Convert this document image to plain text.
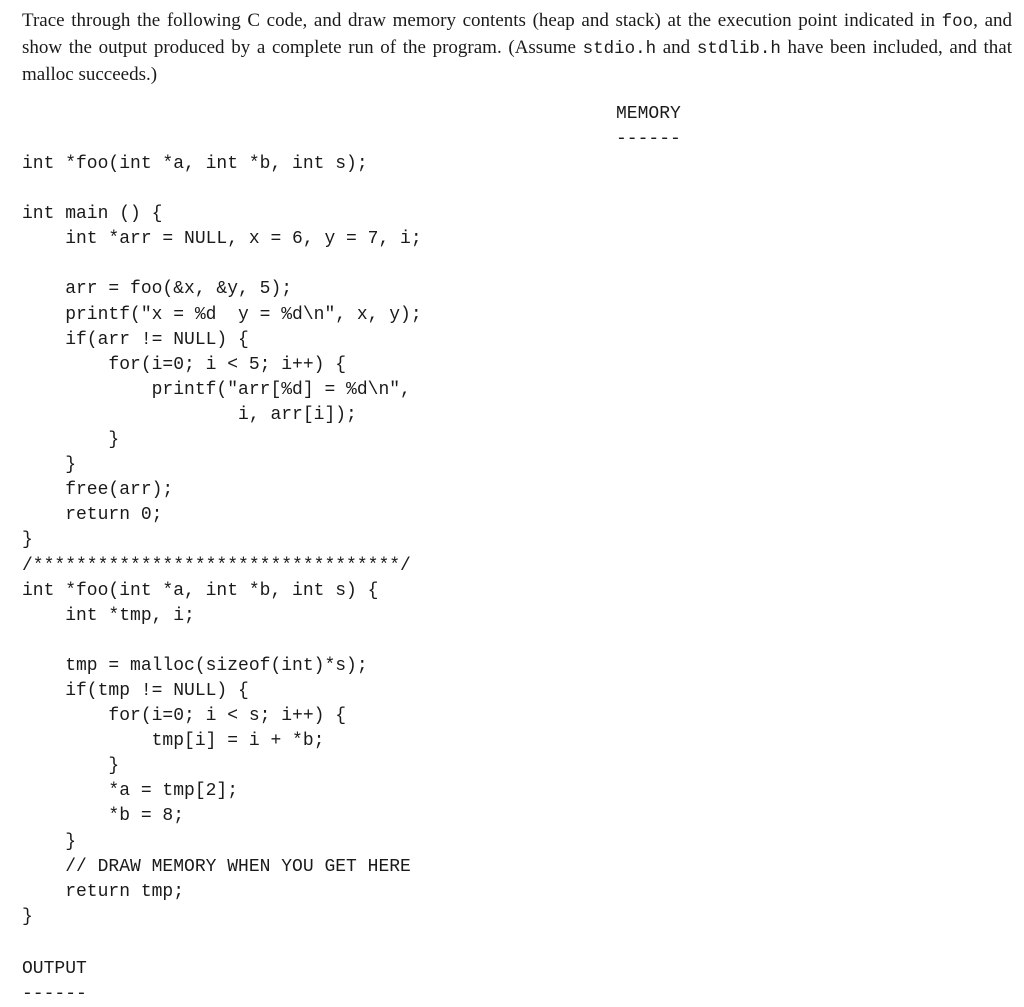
Trace through the following C code, and draw memory contents (heap and stack) at the execution point indicated in foo, and show the output produced by a complete run of the program. (Assume stdio.h and stdlib.h have been included, and that malloc succeeds.)
MEMORY
------
int *foo(int *a, int *b, int s);
int main () {
int *arr = NULL, x = 6, y = 7, i;
arr = foo(&x, &y, 5);
printf("x = %d  y = %d\n", x, y);
if(arr != NULL) {
for(i=0; i < 5; i++) {
printf("arr[%d] = %d\n",
i, arr[i]);
}
}
free(arr);
return 0;
}
/**********************************/
int *foo(int *a, int *b, int s) {
int *tmp, i;
tmp = malloc(sizeof(int)*s);
if(tmp != NULL) {
for(i=0; i < s; i++) {
tmp[i] = i + *b;
}
*a = tmp[2];
*b = 8;
}
// DRAW MEMORY WHEN YOU GET HERE
return tmp;
}
OUTPUT
------
